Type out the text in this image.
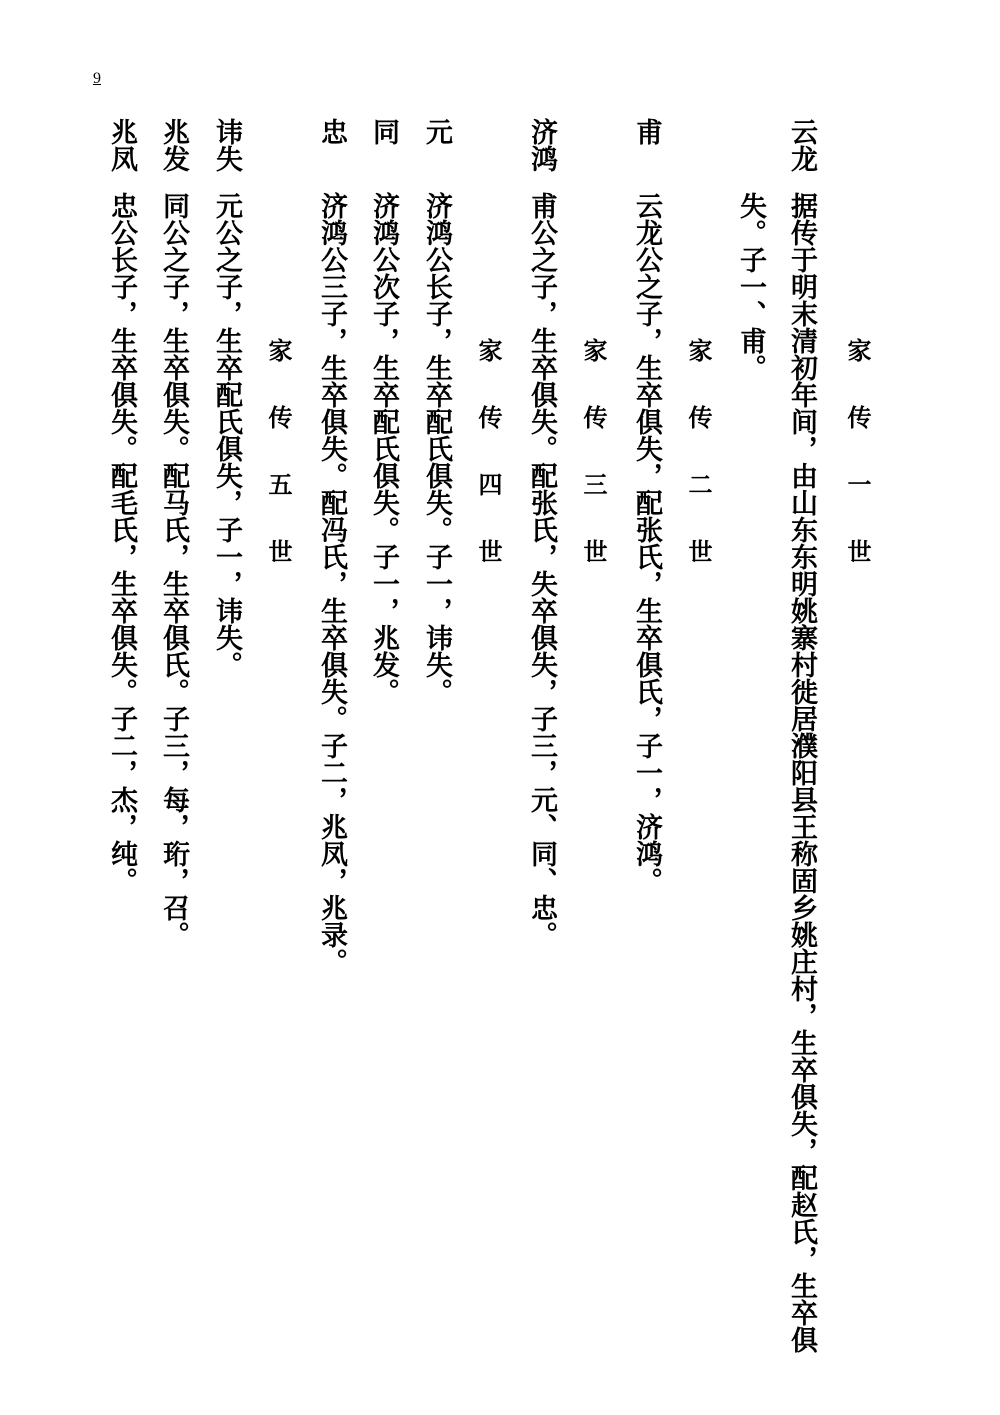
9
家传一世
云龙
据传于明末清初年间，由山东东明姚寨村徙居濮阳县王称固乡姚庄村，生卒俱失，配赵氏，生卒俱
失。子一、甫。
家传二世
甫
云龙公之子，生卒俱失，配张氏，生卒俱氏，子一，济鸿。
家传三世
济鸿
甫公之子，生卒俱失。配张氏，失卒俱失，子三，元、同、忠。
家传四世
元
济鸿公长子，生卒配氏俱失。子一，讳失。
同
济鸿公次子，生卒配氏俱失。子一，兆发。
忠
济鸿公三子，生卒俱失。配冯氏，生卒俱失。子二，兆凤，兆录。
家传五世
讳失
元公之子，生卒配氏俱失，子一，讳失。
兆发
同公之子，生卒俱失。配马氏，生卒俱氏。子三，每，珩，召。
兆凤
忠公长子，生卒俱失。配毛氏，生卒俱失。子二，杰，纯。
